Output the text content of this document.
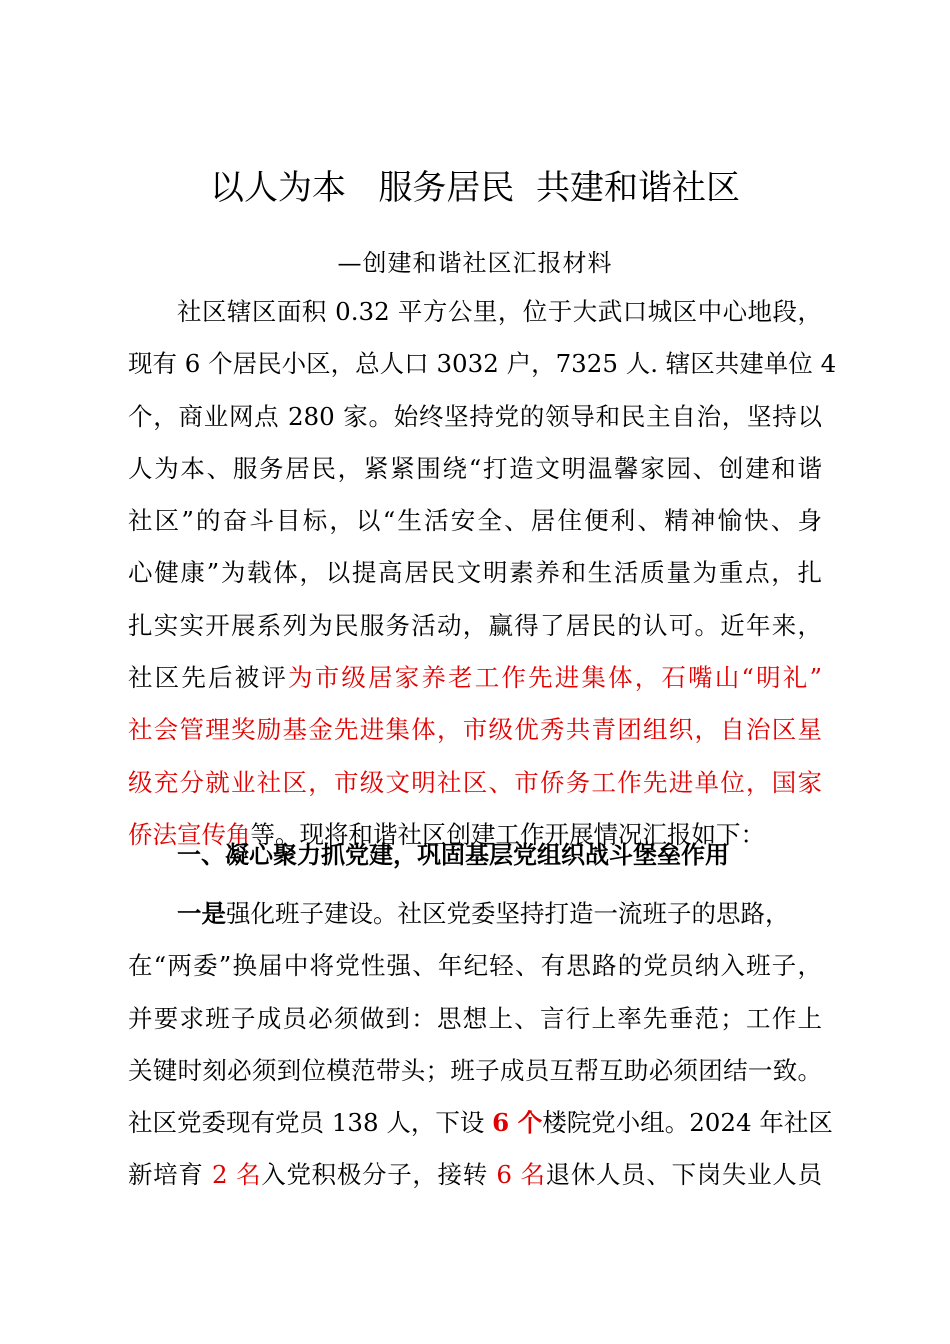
以人为本   服务居民  共建和谐社区

—创建和谐社区汇报材料

社区辖区面积 0.32 平方公里，位于大武口城区中心地段，
现有 6 个居民小区，总人口 3032 户，7325 人. 辖区共建单位 4
个，商业网点 280 家。始终坚持党的领导和民主自治，坚持以
人为本、服务居民，紧紧围绕“打造文明温馨家园、创建和谐
社区”的奋斗目标，以“生活安全、居住便利、精神愉快、身
心健康”为载体，以提高居民文明素养和生活质量为重点，扎
扎实实开展系列为民服务活动，赢得了居民的认可。近年来，
社区先后被评为市级居家养老工作先进集体，石嘴山“明礼”
社会管理奖励基金先进集体，市级优秀共青团组织，自治区星
级充分就业社区，市级文明社区、市侨务工作先进单位，国家
侨法宣传角等。现将和谐社区创建工作开展情况汇报如下：
一、凝心聚力抓党建，巩固基层党组织战斗堡垒作用
一是强化班子建设。社区党委坚持打造一流班子的思路，
在“两委”换届中将党性强、年纪轻、有思路的党员纳入班子，
并要求班子成员必须做到：思想上、言行上率先垂范；工作上
关键时刻必须到位模范带头；班子成员互帮互助必须团结一致。
社区党委现有党员 138 人，下设 6 个楼院党小组。2024 年社区
新培育 2 名入党积极分子，接转 6 名退休人员、下岗失业人员
